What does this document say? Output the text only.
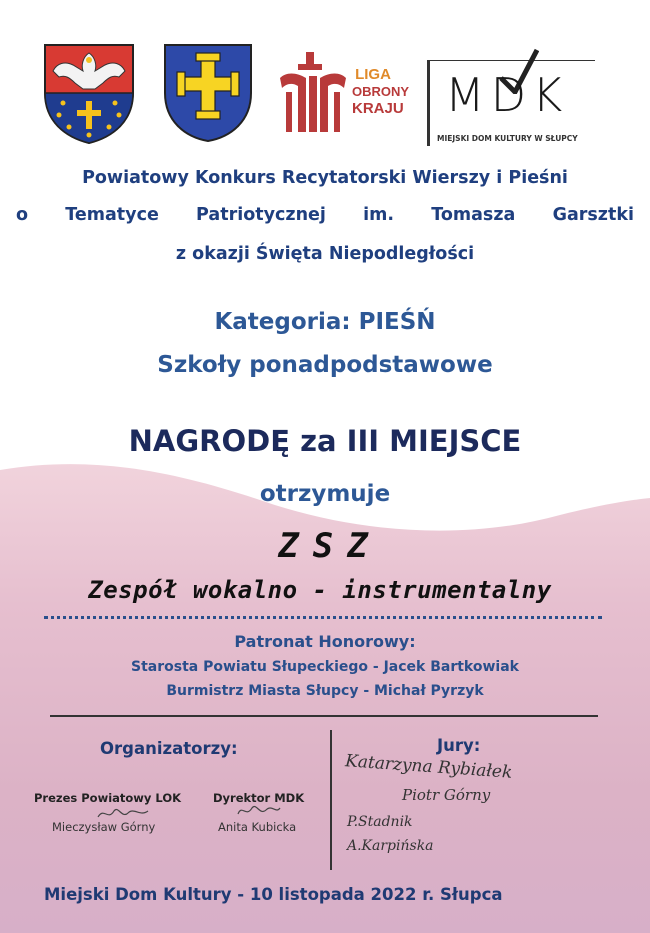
LIGA
OBRONY
KRAJU MDK
MIEJSKI DOM KULTURY W SŁUPCY
Powiatowy Konkurs Recytatorski Wierszy i Pieśni
o Tematyce Patriotycznej im. Tomasza Garsztki
z okazji Święta Niepodległości
Kategoria: PIEŚŃ
Szkoły ponadpodstawowe
NAGRODĘ za III MIEJSCE
otrzymuje
ZSZ
Zespół wokalno - instrumentalny
Patronat Honorowy:
Starosta Powiatu Słupeckiego - Jacek Bartkowiak
Burmistrz Miasta Słupcy - Michał Pyrzyk
Organizatorzy:
Prezes Powiatowy LOK
Mieczysław Górny
Dyrektor MDK
Anita Kubicka
Jury:
Katarzyna Rybiałek
Piotr Górny
P.Stadnik
A.Karpińska
Miejski Dom Kultury - 10 listopada 2022 r. Słupca
